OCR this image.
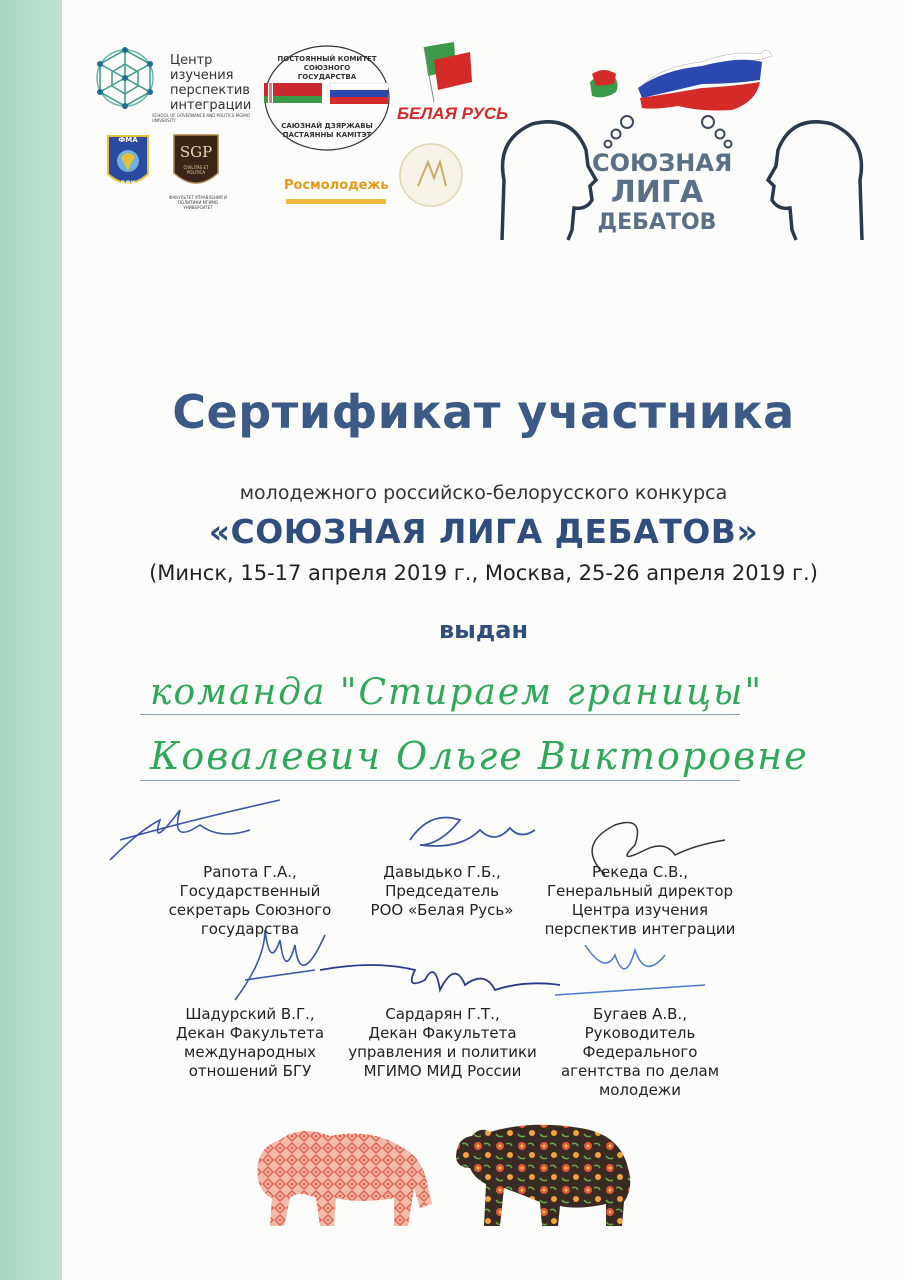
Центр
изучения
перспектив
интеграции
SCHOOL OF GOVERNANCE AND POLITICS MGIMO UNIVERSITY
ФМА
БДУ
SGP
CIVILITAS ET POLITICA
ФАКУЛЬТЕТ УПРАВЛЕНИЯ И ПОЛИТИКИ МГИМО УНИВЕРСИТЕТ
ПОСТОЯННЫЙ КОМИТЕТ СОЮЗНОГО ГОСУДАРСТВА
САЮЗНАЙ ДЗЯРЖАВЫ ПАСТАЯННЫ КАМІТЭТ
Росмолодежь
БЕЛАЯ РУСЬ
СОЮЗНАЯ
ЛИГА
ДЕБАТОВ
Сертификат участника
молодежного российско-белорусского конкурса
«СОЮЗНАЯ ЛИГА ДЕБАТОВ»
(Минск, 15-17 апреля 2019 г., Москва, 25-26 апреля 2019 г.)
выдан
команда "Стираем границы"
Ковалевич Ольге Викторовне
Рапота Г.А.,
Государственный
секретарь Союзного
государства
Давыдько Г.Б.,
Председатель
РОО «Белая Русь»
Рекеда С.В.,
Генеральный директор
Центра изучения
перспектив интеграции
Шадурский В.Г.,
Декан Факультета
международных
отношений БГУ
Сардарян Г.Т.,
Декан Факультета
управления и политики
МГИМО МИД России
Бугаев А.В.,
Руководитель
Федерального
агентства по делам
молодежи
